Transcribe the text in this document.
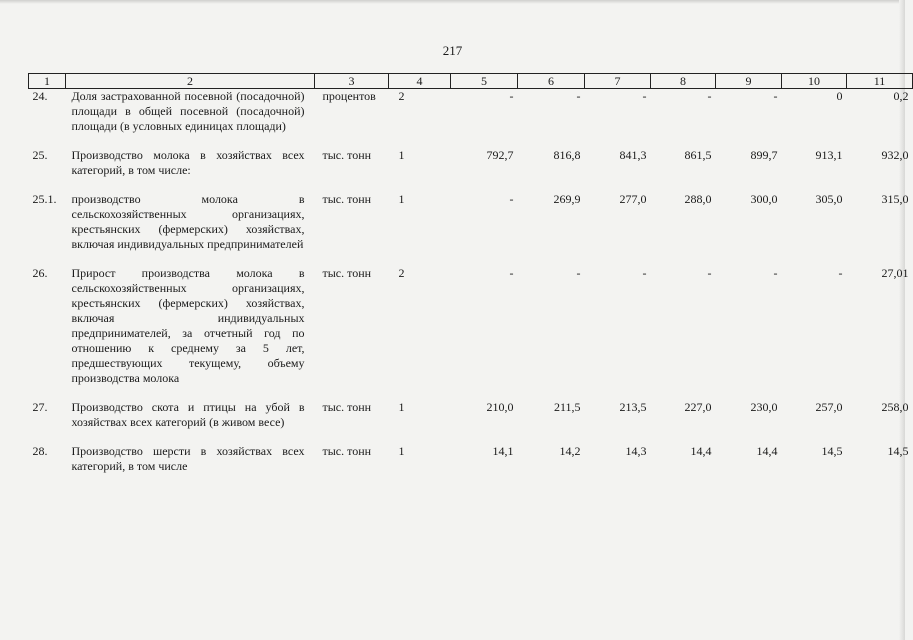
217
1	2	3	4	5	6	7	8	9	10	11
24.	Доля застрахованной посевной (посадочной) площади в общей посевной (посадочной) площади (в условных единицах площади)	процентов	2	-	-	-	-	-	0	0,2

25.	Производство молока в хозяйствах всех категорий, в том числе:	тыс. тонн	1	792,7	816,8	841,3	861,5	899,7	913,1	932,0

25.1.	производство молока в сельскохозяйственных организациях, крестьянских (фермерских) хозяйствах, включая индивидуальных предпринимателей	тыс. тонн	1	-	269,9	277,0	288,0	300,0	305,0	315,0

26.	Прирост производства молока в сельскохозяйственных организациях, крестьянских (фермерских) хозяйствах, включая индивидуальных предпринимателей, за отчетный год по отношению к среднему за 5 лет, предшествующих текущему, объему производства молока	тыс. тонн	2	-	-	-	-	-	-	27,01

27.	Производство скота и птицы на убой в хозяйствах всех категорий (в живом весе)	тыс. тонн	1	210,0	211,5	213,5	227,0	230,0	257,0	258,0

28.	Производство шерсти в хозяйствах всех категорий, в том числе	тыс. тонн	1	14,1	14,2	14,3	14,4	14,4	14,5	14,5
